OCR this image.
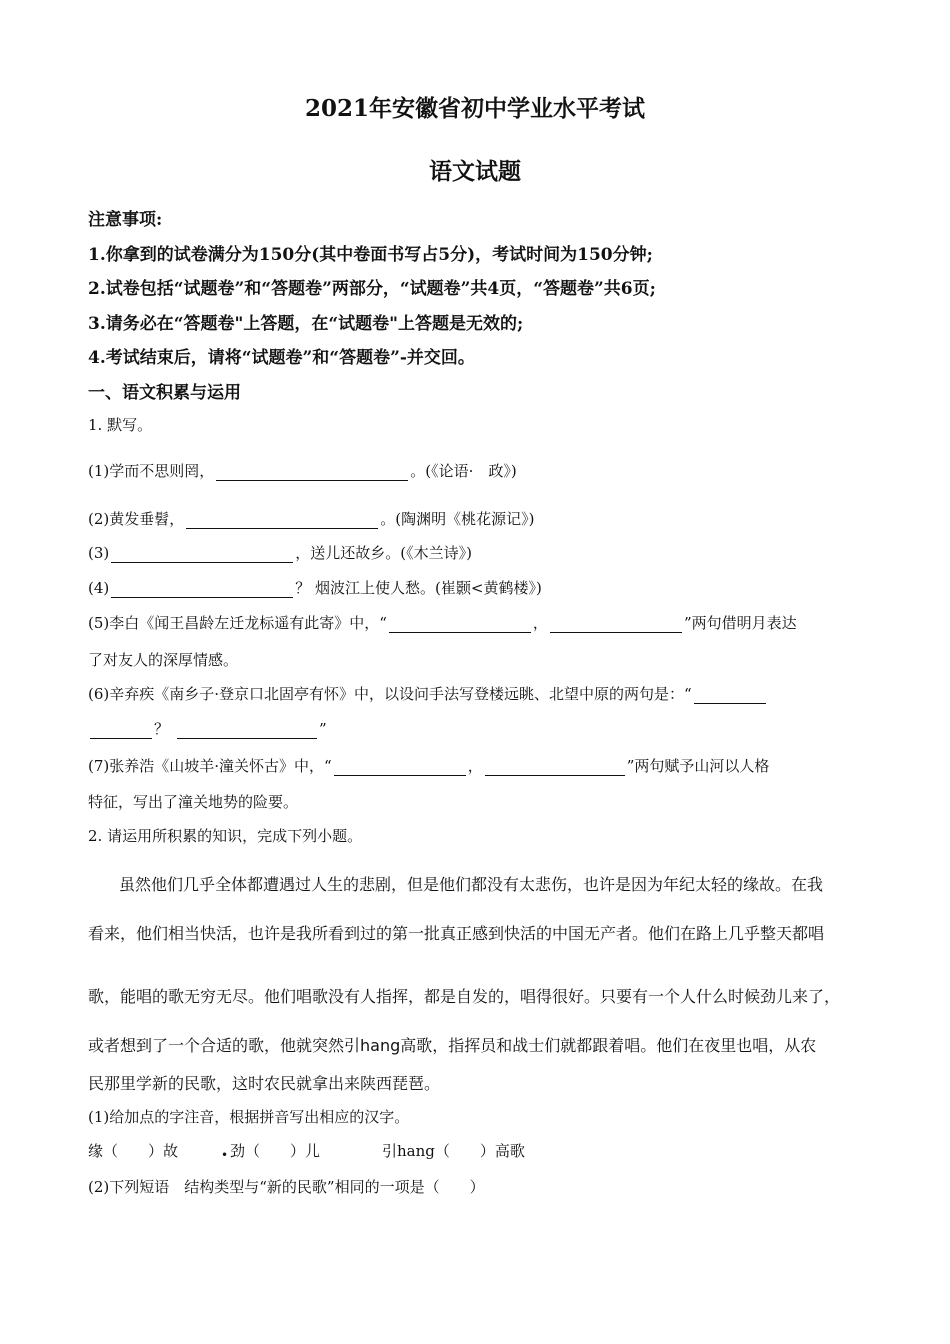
2021年安徽省初中学业水平考试
语文试题
注意事项:
1.你拿到的试卷满分为150分(其中卷面书写占5分)，考试时间为150分钟;
2.试卷包括“试题卷”和“答题卷”两部分，“试题卷”共4页，“答题卷”共6页;
3.请务必在“答题卷"上答题，在“试题卷"上答题是无效的;
4.考试结束后，请将“试题卷”和“答题卷”-并交回。
一、语文积累与运用
1. 默写。
(1)学而不思则罔，	。(《论语·　政》)
(2)黄发垂髫，	。(陶渊明《桃花源记》)
(3)	，送儿还故乡。(《木兰诗》)
(4)	？ 烟波江上使人愁。(崔颢<黄鹤楼》)
(5)李白《闻王昌龄左迁龙标遥有此寄》中，“	，	”两句借明月表达
了对友人的深厚情感。
(6)辛弃疾《南乡子·登京口北固亭有怀》中，以设问手法写登楼远眺、北望中原的两句是：“
？	”
(7)张养浩《山坡羊·潼关怀古》中，“	，	”两句赋予山河以人格
特征，写出了潼关地势的险要。
2. 请运用所积累的知识，完成下列小题。
虽然他们几乎全体都遭遇过人生的悲剧，但是他们都没有太悲伤，也许是因为年纪太轻的缘故。在我
看来，他们相当快活，也许是我所看到过的第一批真正感到快活的中国无产者。他们在路上几乎整天都唱
歌，能唱的歌无穷无尽。他们唱歌没有人指挥，都是自发的，唱得很好。只要有一个人什么时候劲儿来了，
或者想到了一个合适的歌，他就突然引hang高歌，指挥员和战士们就都跟着唱。他们在夜里也唱，从农
民那里学新的民歌，这时农民就拿出来陕西琵琶。
(1)给加点的字注音，根据拼音写出相应的汉字。
缘（　　）故	劲（　　）儿
•	引hang（　　）高歌
(2)下列短语　结构类型与“新的民歌”相同的一项是（　　）
